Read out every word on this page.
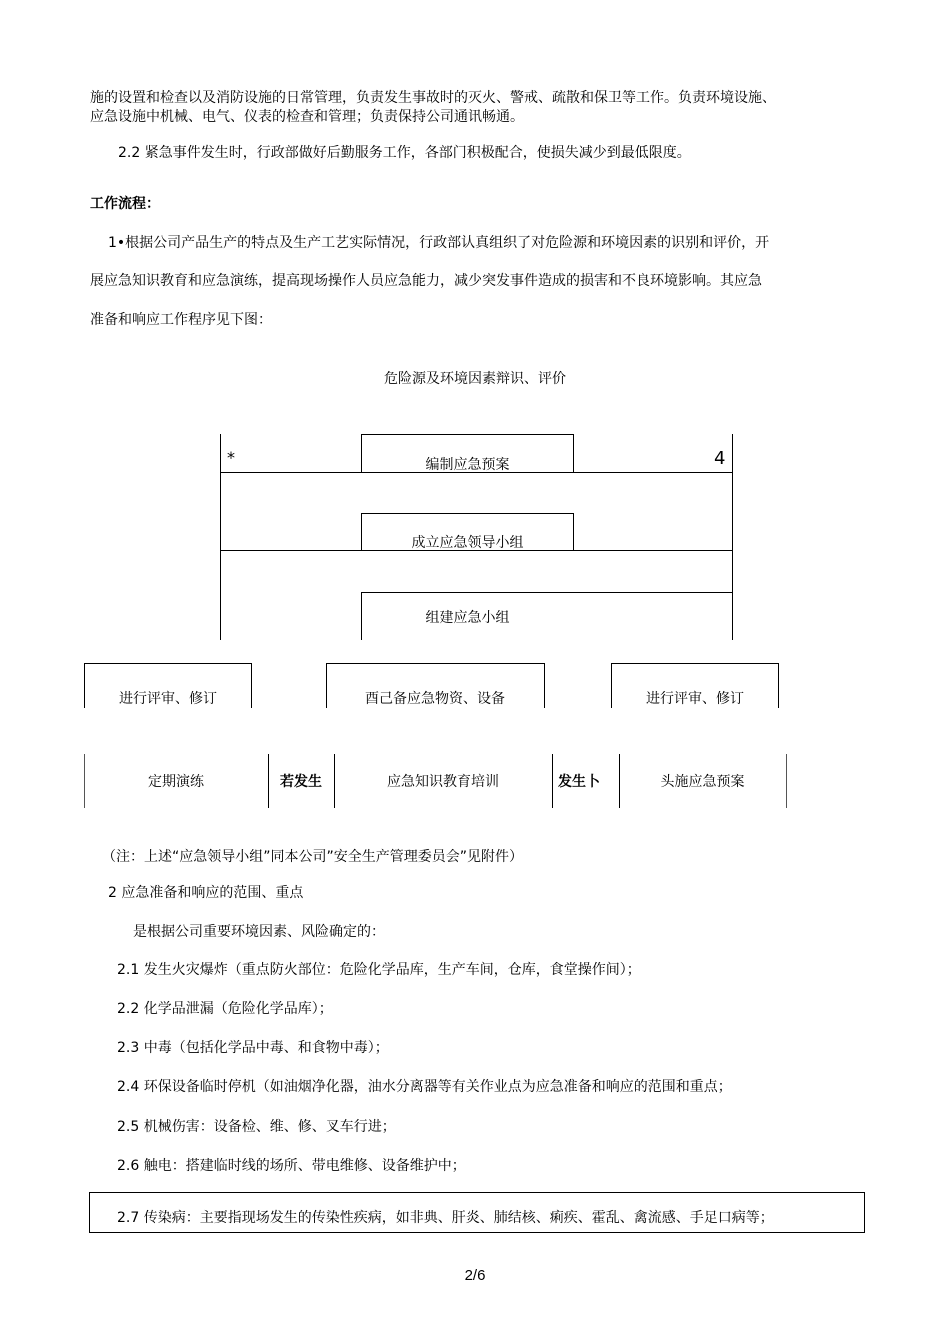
施的设置和检查以及消防设施的日常管理，负责发生事故时的灭火、警戒、疏散和保卫等工作。负责环境设施、
应急设施中机械、电气、仪表的检查和管理；负责保持公司通讯畅通。
2.2 紧急事件发生时，行政部做好后勤服务工作，各部门积极配合，使损失减少到最低限度。
工作流程：
1•根据公司产品生产的特点及生产工艺实际情况，行政部认真组织了对危险源和环境因素的识别和评价，开
展应急知识教育和应急演练，提高现场操作人员应急能力，减少突发事件造成的损害和不良环境影响。其应急
准备和响应工作程序见下图：
危险源及环境因素辩识、评价
编制应急预案
*	4
成立应急领导小组
组建应急小组
进行评审、修订	酉己备应急物资、设备	进行评审、修订
定期演练	若发生	应急知识教育培训	发生卜	头施应急预案
（注：上述“应急领导小组”同本公司”安全生产管理委员会”见附件）
2 应急准备和响应的范围、重点
是根据公司重要环境因素、风险确定的：
2.1 发生火灾爆炸（重点防火部位：危险化学品库，生产车间，仓库，食堂操作间）；
2.2 化学品泄漏（危险化学品库）；
2.3 中毒（包括化学品中毒、和食物中毒）；
2.4 环保设备临时停机（如油烟净化器，油水分离器等有关作业点为应急准备和响应的范围和重点；
2.5 机械伤害：设备检、维、修、叉车行进；
2.6 触电：搭建临时线的场所、带电维修、设备维护中；
2.7 传染病：主要指现场发生的传染性疾病，如非典、肝炎、肺结核、痢疾、霍乱、禽流感、手足口病等；
2/6
